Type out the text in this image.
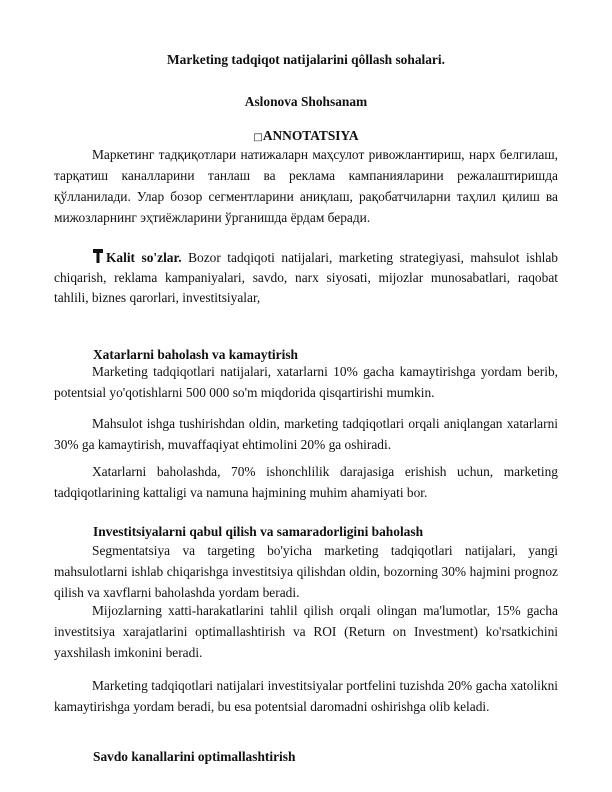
Marketing tadqiqot natijalarini qôllash sohalari.
Aslonova Shohsanam
□ANNOTATSIYA
Маркетинг тадқиқотлари натижаларн маҳсулот ривожлантириш, нарх белгилаш, тарқатиш каналларини танлаш ва реклама кампанияларини режалаштиришда қўлланилади. Улар бозор сегментларини аниқлаш, рақобатчиларни таҳлил қилиш ва мижозларнинг эҳтиёжларини ўрганишда ёрдам беради.
Kalit so'zlar. Bozor tadqiqoti natijalari, marketing strategiyasi, mahsulot ishlab chiqarish, reklama kampaniyalari, savdo, narx siyosati, mijozlar munosabatlari, raqobat tahlili, biznes qarorlari, investitsiyalar,
Xatarlarni baholash va kamaytirish
Marketing tadqiqotlari natijalari, xatarlarni 10% gacha kamaytirishga yordam berib, potentsial yo'qotishlarni 500 000 so'm miqdorida qisqartirishi mumkin.
Mahsulot ishga tushirishdan oldin, marketing tadqiqotlari orqali aniqlangan xatarlarni 30% ga kamaytirish, muvaffaqiyat ehtimolini 20% ga oshiradi.
Xatarlarni baholashda, 70% ishonchlilik darajasiga erishish uchun, marketing tadqiqotlarining kattaligi va namuna hajmining muhim ahamiyati bor.
Investitsiyalarni qabul qilish va samaradorligini baholash
Segmentatsiya va targeting bo'yicha marketing tadqiqotlari natijalari, yangi mahsulotlarni ishlab chiqarishga investitsiya qilishdan oldin, bozorning 30% hajmini prognoz qilish va xavflarni baholashda yordam beradi.
Mijozlarning xatti-harakatlarini tahlil qilish orqali olingan ma'lumotlar, 15% gacha investitsiya xarajatlarini optimallashtirish va ROI (Return on Investment) ko'rsatkichini yaxshilash imkonini beradi.
Marketing tadqiqotlari natijalari investitsiyalar portfelini tuzishda 20% gacha xatolikni kamaytirishga yordam beradi, bu esa potentsial daromadni oshirishga olib keladi.
Savdo kanallarini optimallashtirish
